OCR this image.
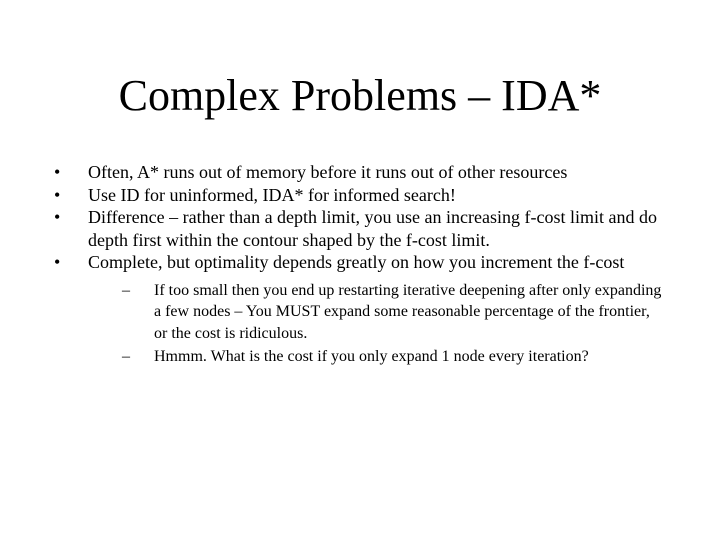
Complex Problems – IDA*
•	Often, A* runs out of memory before it runs out of other resources
•	Use ID for uninformed, IDA* for informed search!
•	Difference – rather than a depth limit, you use an increasing f-cost limit and do depth first within the contour shaped by the f-cost limit.
•	Complete, but optimality depends greatly on how you increment the f-cost
– If too small then you end up restarting iterative deepening after only expanding a few nodes – You MUST expand some reasonable percentage of the frontier, or the cost is ridiculous.
– Hmmm. What is the cost if you only expand 1 node every iteration?
